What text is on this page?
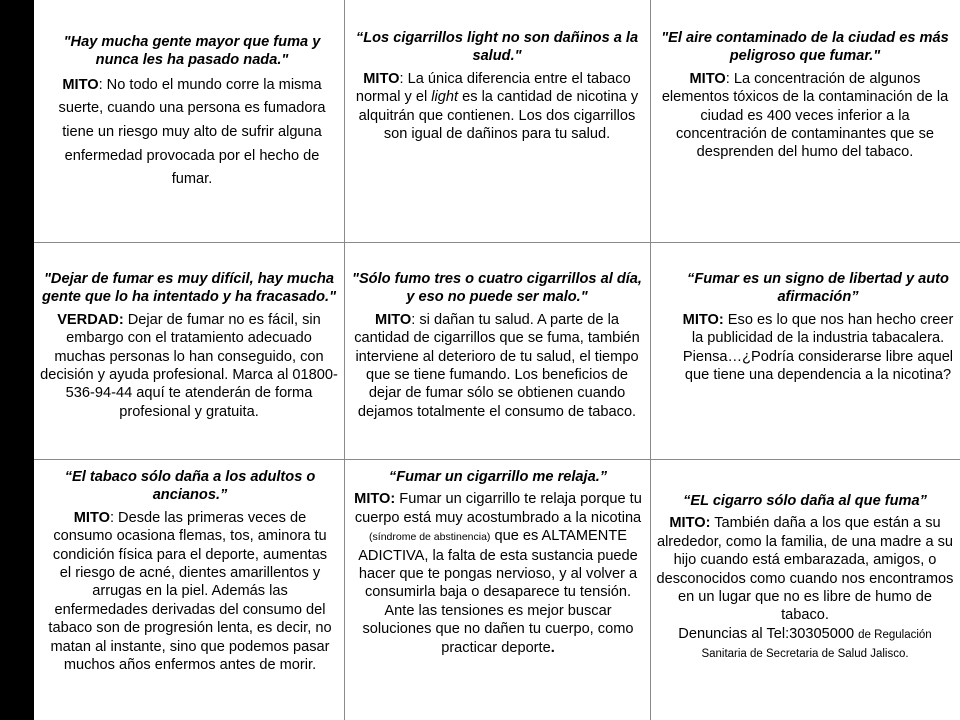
"Hay mucha gente mayor que fuma y nunca les ha pasado nada."

MITO: No todo el mundo corre la misma suerte, cuando una persona es fumadora tiene un riesgo muy alto de sufrir alguna enfermedad provocada por el hecho de fumar.

“Los cigarrillos light no son dañinos a la salud."

MITO: La única diferencia entre el tabaco normal y el light es la cantidad de nicotina y alquitrán que contienen. Los dos cigarrillos son igual de dañinos para tu salud.

"El aire contaminado de la ciudad es más peligroso que fumar."

MITO: La concentración de algunos elementos tóxicos de la contaminación de la ciudad es 400 veces inferior a la concentración de contaminantes que se desprenden del humo del tabaco.

"Dejar de fumar es muy difícil, hay mucha gente que lo ha intentado y ha fracasado."

VERDAD: Dejar de fumar no es fácil, sin embargo con el tratamiento adecuado muchas personas lo han conseguido, con decisión y ayuda profesional. Marca al 01800-536-94-44 aquí te atenderán de forma profesional y gratuita.

"Sólo fumo tres o cuatro cigarrillos al día, y eso no puede ser malo."

MITO: si dañan tu salud. A parte de la cantidad de cigarrillos que se fuma, también interviene al deterioro de tu salud, el tiempo que se tiene fumando. Los beneficios de dejar de fumar sólo se obtienen cuando dejamos totalmente el consumo de tabaco.

“Fumar es un signo de libertad y auto afirmación”

MITO: Eso es lo que nos han hecho creer la publicidad de la industria tabacalera. Piensa…¿Podría considerarse libre aquel que tiene una dependencia a la nicotina?

“El tabaco sólo daña a los adultos o ancianos.”

MITO: Desde las primeras veces de consumo ocasiona flemas, tos, aminora tu condición física para el deporte, aumentas el riesgo de acné, dientes amarillentos y arrugas en la piel. Además las enfermedades derivadas del consumo del tabaco son de progresión lenta, es decir, no matan al instante, sino que podemos pasar muchos años enfermos antes de morir.

“Fumar un cigarrillo me relaja.”

MITO: Fumar un cigarrillo te relaja porque tu cuerpo está muy acostumbrado a la nicotina (síndrome de abstinencia) que es ALTAMENTE ADICTIVA, la falta de esta sustancia puede hacer que te pongas nervioso, y al volver a consumirla baja o desaparece tu tensión. Ante las tensiones es mejor buscar soluciones que no dañen tu cuerpo, como practicar deporte.

“EL cigarro sólo daña al que fuma”

MITO: También daña a los que están a su alrededor, como la familia, de una madre a su hijo cuando está embarazada, amigos, o desconocidos como cuando nos encontramos en un lugar que no es libre de humo de tabaco.

Denuncias al Tel:30305000 de Regulación Sanitaria de Secretaria de Salud Jalisco.
